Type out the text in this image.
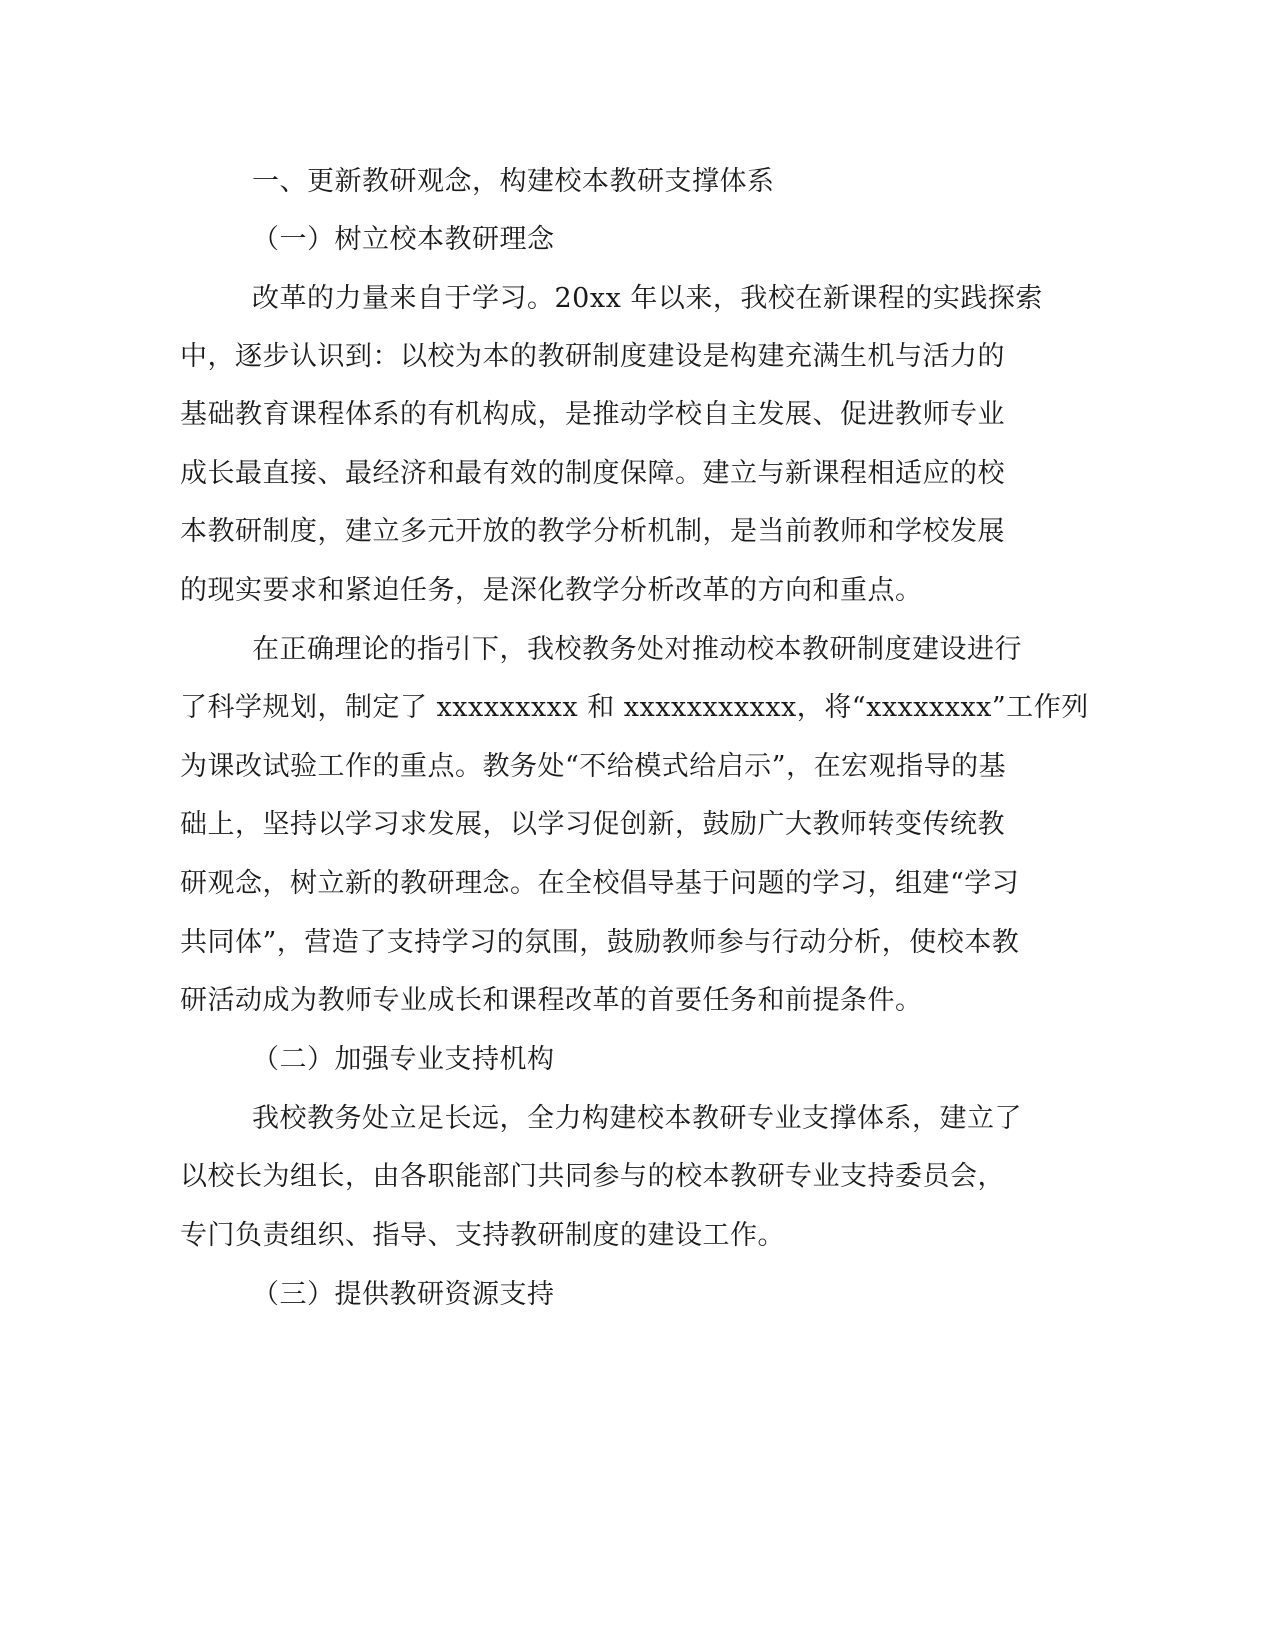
一、更新教研观念，构建校本教研支撑体系

（一）树立校本教研理念

改革的力量来自于学习。20xx 年以来，我校在新课程的实践探索

中，逐步认识到：以校为本的教研制度建设是构建充满生机与活力的

基础教育课程体系的有机构成，是推动学校自主发展、促进教师专业

成长最直接、最经济和最有效的制度保障。建立与新课程相适应的校

本教研制度，建立多元开放的教学分析机制，是当前教师和学校发展

的现实要求和紧迫任务，是深化教学分析改革的方向和重点。

在正确理论的指引下，我校教务处对推动校本教研制度建设进行

了科学规划，制定了 xxxxxxxxx 和 xxxxxxxxxxx，将“xxxxxxxx”工作列

为课改试验工作的重点。教务处“不给模式给启示”，在宏观指导的基

础上，坚持以学习求发展，以学习促创新，鼓励广大教师转变传统教

研观念，树立新的教研理念。在全校倡导基于问题的学习，组建“学习

共同体”，营造了支持学习的氛围，鼓励教师参与行动分析，使校本教

研活动成为教师专业成长和课程改革的首要任务和前提条件。

（二）加强专业支持机构

我校教务处立足长远，全力构建校本教研专业支撑体系，建立了

以校长为组长，由各职能部门共同参与的校本教研专业支持委员会，

专门负责组织、指导、支持教研制度的建设工作。

（三）提供教研资源支持
